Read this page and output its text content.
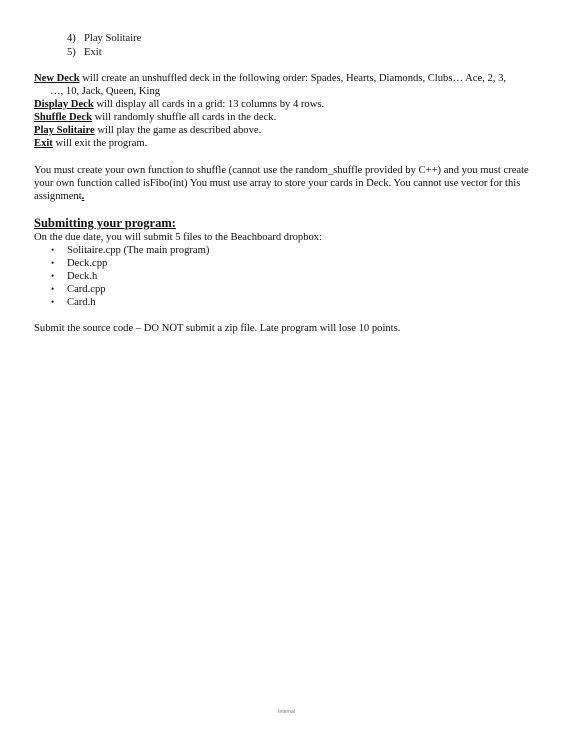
4) Play Solitaire
5) Exit

New Deck will create an unshuffled deck in the following order: Spades, Hearts, Diamonds, Clubs… Ace, 2, 3,

…, 10, Jack, Queen, King

Display Deck will display all cards in a grid: 13 columns by 4 rows.

Shuffle Deck will randomly shuffle all cards in the deck.

Play Solitaire will play the game as described above.

Exit will exit the program.

You must create your own function to shuffle (cannot use the random_shuffle provided by C++) and you must create your own function called isFibo(int) You must use array to store your cards in Deck. You cannot use vector for this assignment.

Submitting your program:

On the due date, you will submit 5 files to the Beachboard dropbox:

• Solitaire.cpp (The main program)
• Deck.cpp
• Deck.h
• Card.cpp
• Card.h

Submit the source code – DO NOT submit a zip file. Late program will lose 10 points.

Internal
